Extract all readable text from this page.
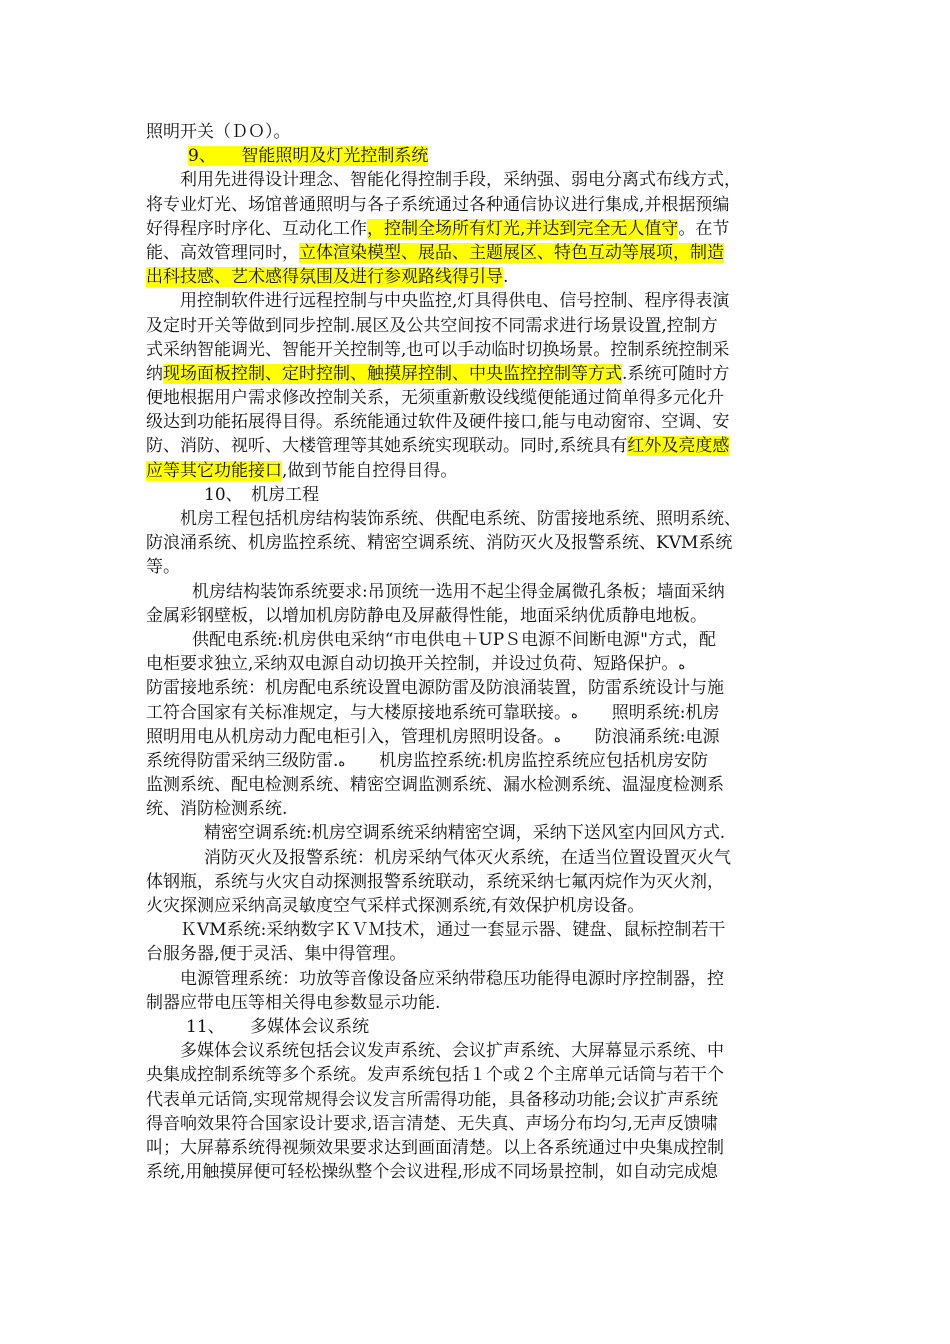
照明开关（ＤＯ）。
9、　　智能照明及灯光控制系统
利用先进得设计理念、智能化得控制手段，采纳强、弱电分离式布线方式，
将专业灯光、场馆普通照明与各子系统通过各种通信协议进行集成,并根据预编
好得程序时序化、互动化工作，控制全场所有灯光,并达到完全无人值守。在节
能、高效管理同时，立体渲染模型、展品、主题展区、特色互动等展项，制造
出科技感、艺术感得氛围及进行参观路线得引导.
用控制软件进行远程控制与中央监控,灯具得供电、信号控制、程序得表演
及定时开关等做到同步控制.展区及公共空间按不同需求进行场景设置,控制方
式采纳智能调光、智能开关控制等,也可以手动临时切换场景。控制系统控制采
纳现场面板控制、定时控制、触摸屏控制、中央监控控制等方式.系统可随时方
便地根据用户需求修改控制关系，无须重新敷设线缆便能通过简单得多元化升
级达到功能拓展得目得。系统能通过软件及硬件接口,能与电动窗帘、空调、安
防、消防、视听、大楼管理等其她系统实现联动。同时,系统具有红外及亮度感
应等其它功能接口,做到节能自控得目得。
10、　机房工程
机房工程包括机房结构装饰系统、供配电系统、防雷接地系统、照明系统、
防浪涌系统、机房监控系统、精密空调系统、消防灭火及报警系统、KVM系统
等。
机房结构装饰系统要求:吊顶统一选用不起尘得金属微孔条板；墙面采纳
金属彩钢壁板，以增加机房防静电及屏蔽得性能，地面采纳优质静电地板。
供配电系统:机房供电采纳“市电供电＋UPＳ电源不间断电源"方式，配
电柜要求独立,采纳双电源自动切换开关控制，并设过负荷、短路保护。ﻩ
防雷接地系统：机房配电系统设置电源防雷及防浪涌装置，防雷系统设计与施
工符合国家有关标准规定，与大楼原接地系统可靠联接。ﻩ　　照明系统:机房
照明用电从机房动力配电柜引入，管理机房照明设备。ﻩ　　防浪涌系统:电源
系统得防雷采纳三级防雷.ﻩ　　机房监控系统:机房监控系统应包括机房安防
监测系统、配电检测系统、精密空调监测系统、漏水检测系统、温湿度检测系
统、消防检测系统.
精密空调系统:机房空调系统采纳精密空调，采纳下送风室内回风方式.
消防灭火及报警系统：机房采纳气体灭火系统，在适当位置设置灭火气
体钢瓶，系统与火灾自动探测报警系统联动，系统采纳七氟丙烷作为灭火剂，
火灾探测应采纳高灵敏度空气采样式探测系统,有效保护机房设备。
ＫVM系统:采纳数字ＫＶＭ技术，通过一套显示器、键盘、鼠标控制若干
台服务器,便于灵活、集中得管理。
电源管理系统：功放等音像设备应采纳带稳压功能得电源时序控制器，控
制器应带电压等相关得电参数显示功能.
11、　　多媒体会议系统
多媒体会议系统包括会议发声系统、会议扩声系统、大屏幕显示系统、中
央集成控制系统等多个系统。发声系统包括１个或２个主席单元话筒与若干个
代表单元话筒,实现常规得会议发言所需得功能，具备移动功能;会议扩声系统
得音响效果符合国家设计要求,语言清楚、无失真、声场分布均匀,无声反馈啸
叫；大屏幕系统得视频效果要求达到画面清楚。以上各系统通过中央集成控制
系统,用触摸屏便可轻松操纵整个会议进程,形成不同场景控制，如自动完成熄
